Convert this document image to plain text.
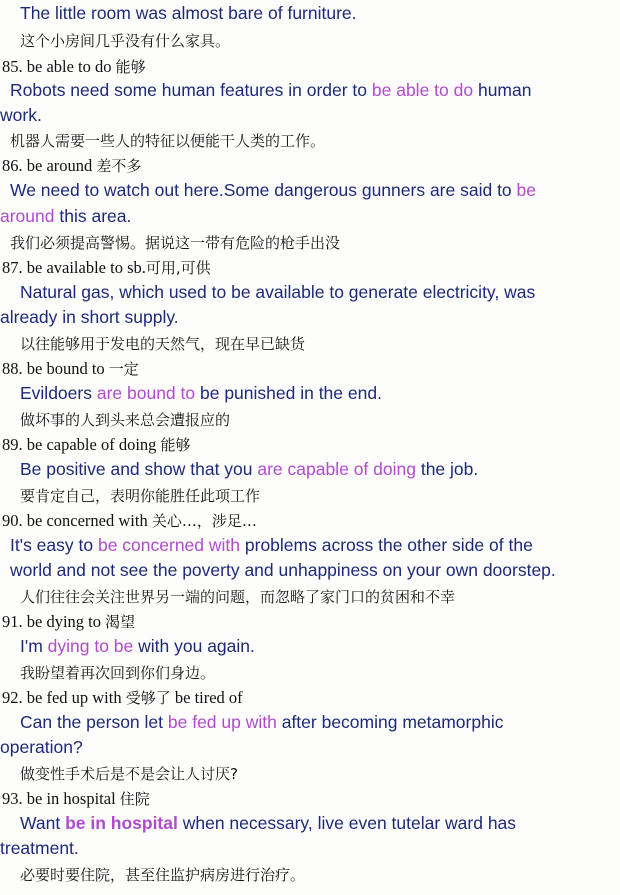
The little room was almost bare of furniture.
这个小房间几乎没有什么家具。
85. be able to do 能够
Robots need some human features in order to be able to do human
work.
机器人需要一些人的特征以便能干人类的工作。
86. be around 差不多
We need to watch out here.Some dangerous gunners are said to be
around this area.
我们必须提高警惕。据说这一带有危险的枪手出没
87. be available to sb.可用,可供
Natural gas, which used to be available to generate electricity, was
already in short supply.
以往能够用于发电的天然气，现在早已缺货
88. be bound to 一定
Evildoers are bound to be punished in the end.
做坏事的人到头来总会遭报应的
89. be capable of doing 能够
Be positive and show that you are capable of doing the job.
要肯定自己，表明你能胜任此项工作
90. be concerned with 关心…，涉足…
It's easy to be concerned with problems across the other side of the
world and not see the poverty and unhappiness on your own doorstep.
人们往往会关注世界另一端的问题，而忽略了家门口的贫困和不幸
91. be dying to 渴望
I'm dying to be with you again.
我盼望着再次回到你们身边。
92. be fed up with 受够了 be tired of
Can the person let be fed up with after becoming metamorphic
operation?
做变性手术后是不是会让人讨厌?
93. be in hospital 住院
Want be in hospital when necessary, live even tutelar ward has
treatment.
必要时要住院，甚至住监护病房进行治疗。
